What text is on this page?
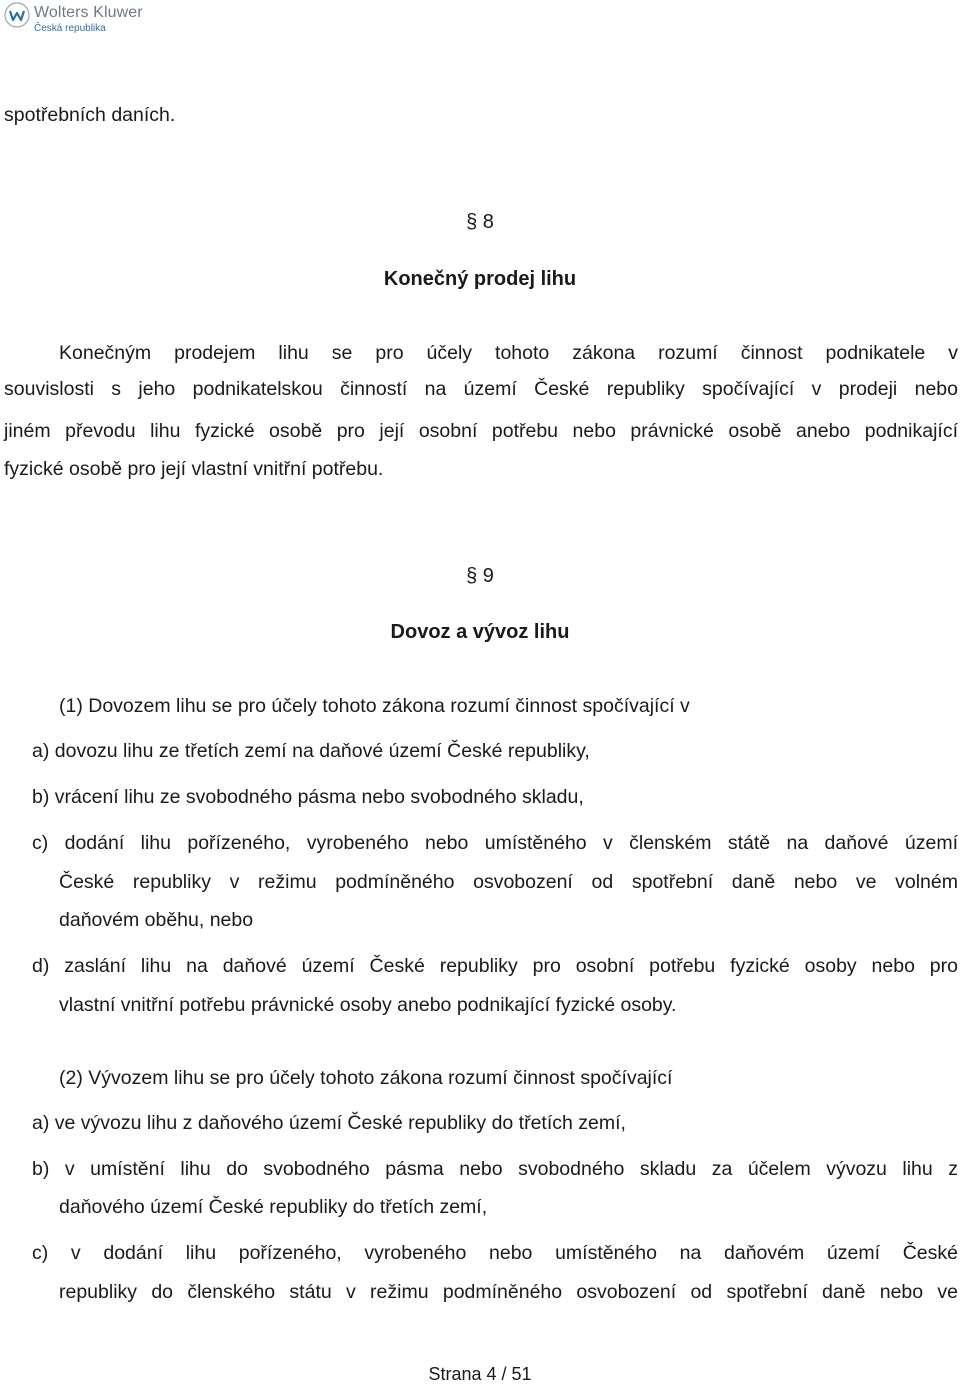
Wolters Kluwer
Česká republika
spotřebních daních.
§ 8
Konečný prodej lihu
Konečným prodejem lihu se pro účely tohoto zákona rozumí činnost podnikatele v
souvislosti s jeho podnikatelskou činností na území České republiky spočívající v prodeji nebo
jiném převodu lihu fyzické osobě pro její osobní potřebu nebo právnické osobě anebo podnikající
fyzické osobě pro její vlastní vnitřní potřebu.
§ 9
Dovoz a vývoz lihu
(1) Dovozem lihu se pro účely tohoto zákona rozumí činnost spočívající v
a) dovozu lihu ze třetích zemí na daňové území České republiky,
b) vrácení lihu ze svobodného pásma nebo svobodného skladu,
c) dodání lihu pořízeného, vyrobeného nebo umístěného v členském státě na daňové území
České republiky v režimu podmíněného osvobození od spotřební daně nebo ve volném
daňovém oběhu, nebo
d) zaslání lihu na daňové území České republiky pro osobní potřebu fyzické osoby nebo pro
vlastní vnitřní potřebu právnické osoby anebo podnikající fyzické osoby.
(2) Vývozem lihu se pro účely tohoto zákona rozumí činnost spočívající
a) ve vývozu lihu z daňového území České republiky do třetích zemí,
b) v umístění lihu do svobodného pásma nebo svobodného skladu za účelem vývozu lihu z
daňového území České republiky do třetích zemí,
c) v dodání lihu pořízeného, vyrobeného nebo umístěného na daňovém území České
republiky do členského státu v režimu podmíněného osvobození od spotřební daně nebo ve
Strana 4 / 51
